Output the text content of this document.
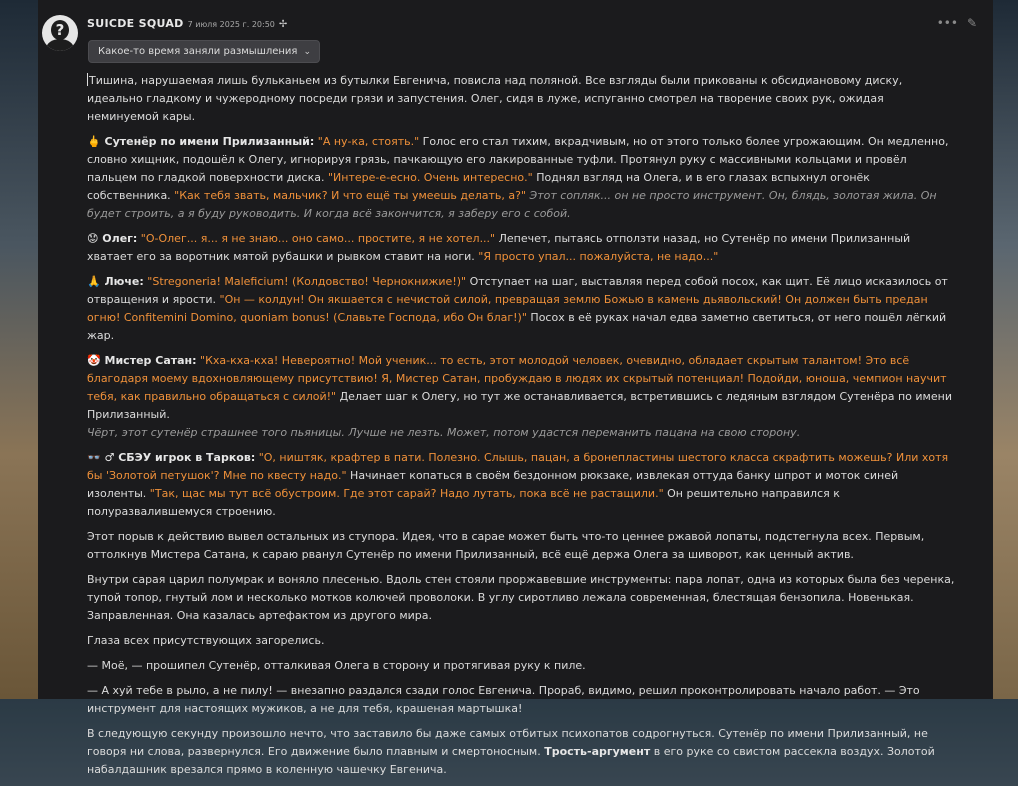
? SUICDE SQUAD 7 июля 2025 г. 20:50 ✢	••• ✎
Какое-то время заняли размышления ⌄

Тишина, нарушаемая лишь бульканьем из бутылки Евгенича, повисла над поляной. Все взгляды были прикованы к обсидиановому диску, идеально гладкому и чужеродному посреди грязи и запустения. Олег, сидя в луже, испуганно смотрел на творение своих рук, ожидая неминуемой кары.

🖕 Сутенёр по имени Прилизанный: "А ну-ка, стоять." Голос его стал тихим, вкрадчивым, но от этого только более угрожающим. Он медленно, словно хищник, подошёл к Олегу, игнорируя грязь, пачкающую его лакированные туфли. Протянул руку с массивными кольцами и провёл пальцем по гладкой поверхности диска. "Интере-е-есно. Очень интересно." Поднял взгляд на Олега, и в его глазах вспыхнул огонёк собственника. "Как тебя звать, мальчик? И что ещё ты умеешь делать, а?" Этот сопляк... он не просто инструмент. Он, блядь, золотая жила. Он будет строить, а я буду руководить. И когда всё закончится, я заберу его с собой.

😟 Олег: "О-Олег... я... я не знаю... оно само... простите, я не хотел..." Лепечет, пытаясь отползти назад, но Сутенёр по имени Прилизанный хватает его за воротник мятой рубашки и рывком ставит на ноги. "Я просто упал... пожалуйста, не надо..."

🙏 Люче: "Stregoneria! Maleficium! (Колдовство! Чернокнижие!)" Отступает на шаг, выставляя перед собой посох, как щит. Её лицо исказилось от отвращения и ярости. "Он — колдун! Он якшается с нечистой силой, превращая землю Божью в камень дьявольский! Он должен быть предан огню! Confitemini Domino, quoniam bonus! (Славьте Господа, ибо Он благ!)" Посох в её руках начал едва заметно светиться, от него пошёл лёгкий жар.

🤡 Мистер Сатан: "Кха-кха-кха! Невероятно! Мой ученик... то есть, этот молодой человек, очевидно, обладает скрытым талантом! Это всё благодаря моему вдохновляющему присутствию! Я, Мистер Сатан, пробуждаю в людях их скрытый потенциал! Подойди, юноша, чемпион научит тебя, как правильно обращаться с силой!" Делает шаг к Олегу, но тут же останавливается, встретившись с ледяным взглядом Сутенёра по имени Прилизанный.
Чёрт, этот сутенёр страшнее того пьяницы. Лучше не лезть. Может, потом удастся переманить пацана на свою сторону.

👓 ♂ СБЭУ игрок в Тарков: "О, ништяк, крафтер в пати. Полезно. Слышь, пацан, а бронепластины шестого класса скрафтить можешь? Или хотя бы 'Золотой петушок'? Мне по квесту надо." Начинает копаться в своём бездонном рюкзаке, извлекая оттуда банку шпрот и моток синей изоленты. "Так, щас мы тут всё обустроим. Где этот сарай? Надо лутать, пока всё не растащили." Он решительно направился к полуразвалившемуся строению.

Этот порыв к действию вывел остальных из ступора. Идея, что в сарае может быть что-то ценнее ржавой лопаты, подстегнула всех. Первым, оттолкнув Мистера Сатана, к сараю рванул Сутенёр по имени Прилизанный, всё ещё держа Олега за шиворот, как ценный актив.

Внутри сарая царил полумрак и воняло плесенью. Вдоль стен стояли проржавевшие инструменты: пара лопат, одна из которых была без черенка, тупой топор, гнутый лом и несколько мотков колючей проволоки. В углу сиротливо лежала современная, блестящая бензопила. Новенькая. Заправленная. Она казалась артефактом из другого мира.

Глаза всех присутствующих загорелись.

— Моё, — прошипел Сутенёр, отталкивая Олега в сторону и протягивая руку к пиле.

— А хуй тебе в рыло, а не пилу! — внезапно раздался сзади голос Евгенича. Прораб, видимо, решил проконтролировать начало работ. — Это инструмент для настоящих мужиков, а не для тебя, крашеная мартышка!

В следующую секунду произошло нечто, что заставило бы даже самых отбитых психопатов содрогнуться. Сутенёр по имени Прилизанный, не говоря ни слова, развернулся. Его движение было плавным и смертоносным. Трость-аргумент в его руке со свистом рассекла воздух. Золотой набалдашник врезался прямо в коленную чашечку Евгенича.
